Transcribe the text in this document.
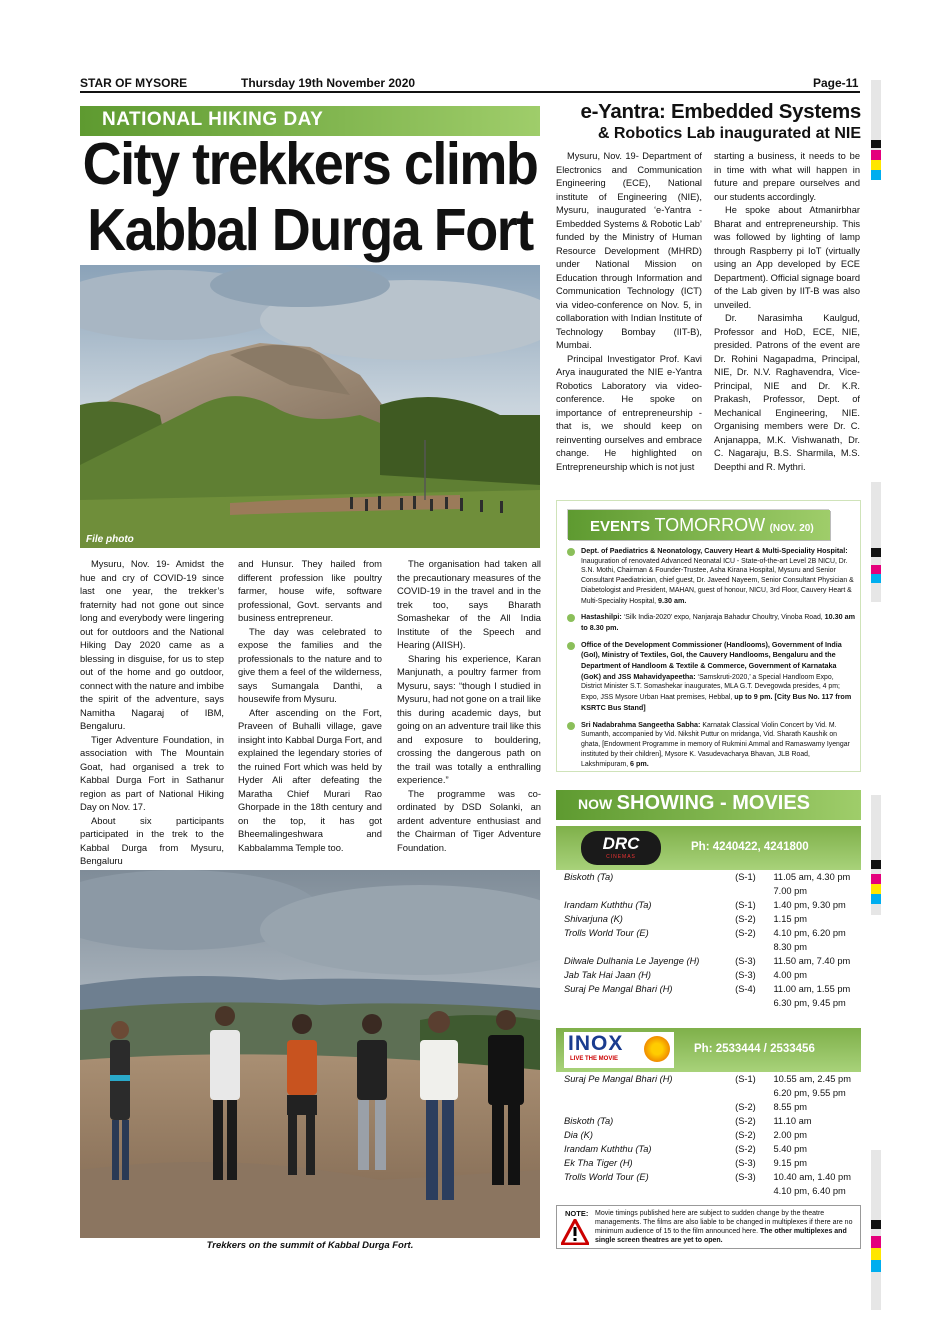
STAR OF MYSORE	Thursday 19th November 2020	Page-11
NATIONAL HIKING DAY
City trekkers climb
Kabbal Durga Fort
File photo

Mysuru, Nov. 19- Amidst the hue and cry of COVID-19 since last one year, the trekker’s fraternity had not gone out since long and everybody were lingering out for outdoors and the National Hiking Day 2020 came as a blessing in disguise, for us to step out of the home and go outdoor, connect with the nature and imbibe the spirit of the adventure, says Namitha Nagaraj of IBM, Bengaluru.

Tiger Adventure Foundation, in association with The Mountain Goat, had organised a trek to Kabbal Durga Fort in Sathanur region as part of National Hiking Day on Nov. 17.

About six participants participated in the trek to the Kabbal Durga from Mysuru, Bengaluru

and Hunsur. They hailed from different profession like poultry farmer, house wife, software professional, Govt. servants and business entrepreneur.

The day was celebrated to expose the families and the professionals to the nature and to give them a feel of the wilderness, says Sumangala Danthi, a housewife from Mysuru.

After ascending on the Fort, Praveen of Buhalli village, gave insight into Kabbal Durga Fort, and explained the legendary stories of the ruined Fort which was held by Hyder Ali after defeating the Maratha Chief Murari Rao Ghorpade in the 18th century and on the top, it has got Bheemalingeshwara and Kabbalamma Temple too.

The organisation had taken all the precautionary measures of the COVID-19 in the travel and in the trek too, says Bharath Somashekar of the All India Institute of the Speech and Hearing (AIISH).

Sharing his experience, Karan Manjunath, a poultry farmer from Mysuru, says: “though I studied in Mysuru, had not gone on a trail like this during academic days, but going on an adventure trail like this and exposure to bouldering, crossing the dangerous path on the trail was totally a enthralling experience.”

The programme was co-ordinated by DSD Solanki, an ardent adventure enthusiast and the Chairman of Tiger Adventure Foundation.

Trekkers on the summit of Kabbal Durga Fort.
e-Yantra: Embedded Systems
& Robotics Lab inaugurated at NIE

Mysuru, Nov. 19- Department of Electronics and Communication Engineering (ECE), National institute of Engineering (NIE), Mysuru, inaugurated ‘e-Yantra - Embedded Systems & Robotic Lab’ funded by the Ministry of Human Resource Development (MHRD) under National Mission on Education through Information and Communication Technology (ICT) via video-conference on Nov. 5, in collaboration with Indian Institute of Technology Bombay (IIT-B), Mumbai.

Principal Investigator Prof. Kavi Arya inaugurated the NIE e-Yantra Robotics Laboratory via video-conference. He spoke on importance of entrepreneurship - that is, we should keep on reinventing ourselves and embrace change. He highlighted on Entrepreneurship which is not just

starting a business, it needs to be in time with what will happen in future and prepare ourselves and our students accordingly.

He spoke about Atmanirbhar Bharat and entrepreneurship. This was followed by lighting of lamp through Raspberry pi IoT (virtually using an App developed by ECE Department). Official signage board of the Lab given by IIT-B was also unveiled.

Dr. Narasimha Kaulgud, Professor and HoD, ECE, NIE, presided. Patrons of the event are Dr. Rohini Nagapadma, Principal, NIE, Dr. N.V. Raghavendra, Vice-Principal, NIE and Dr. K.R. Prakash, Professor, Dept. of Mechanical Engineering, NIE. Organising members were Dr. C. Anjanappa, M.K. Vishwanath, Dr. C. Nagaraju, B.S. Sharmila, M.S. Deepthi and R. Mythri.

EVENTS TOMORROW (NOV. 20)

Dept. of Paediatrics & Neonatology, Cauvery Heart & Multi-Speciality Hospital: Inauguration of renovated Advanced Neonatal ICU - State-of-the-art Level 2B NICU, Dr. S.N. Mothi, Chairman & Founder-Trustee, Asha Kirana Hospital, Mysuru and Senior Consultant Paediatrician, chief guest, Dr. Javeed Nayeem, Senior Consultant Physician & Diabetologist and President, MAHAN, guest of honour, NICU, 3rd Floor, Cauvery Heart & Multi-Speciality Hospital, 9.30 am.

Hastashilpi: ‘Silk India-2020’ expo, Nanjaraja Bahadur Choultry, Vinoba Road, 10.30 am to 8.30 pm.

Office of the Development Commissioner (Handlooms), Government of India (GoI), Ministry of Textiles, GoI, the Cauvery Handlooms, Bengaluru and the Department of Handloom & Textile & Commerce, Government of Karnataka (GoK) and JSS Mahavidyapeetha: ‘Samskruti-2020,’ a Special Handloom Expo, District Minister S.T. Somashekar inaugurates, MLA G.T. Devegowda presides, 4 pm; Expo, JSS Mysore Urban Haat premises, Hebbal, up to 9 pm. [City Bus No. 117 from KSRTC Bus Stand]

Sri Nadabrahma Sangeetha Sabha: Karnatak Classical Violin Concert by Vid. M. Sumanth, accompanied by Vid. Nikshit Puttur on mridanga, Vid. Sharath Kaushik on ghata, [Endowment Programme in memory of Rukmini Ammal and Ramaswamy Iyengar instituted by their children], Mysore K. Vasudevacharya Bhavan, JLB Road, Lakshmipuram, 6 pm.

NOW SHOWING - MOVIES
DRC
CINEMAS
Ph: 4240422, 4241800
Biskoth (Ta)	(S-1)	11.05 am, 4.30 pm
		7.00 pm
Irandam Kuththu (Ta)	(S-1)	1.40 pm, 9.30 pm
Shivarjuna (K)	(S-2)	1.15 pm
Trolls World Tour (E)	(S-2)	4.10 pm, 6.20 pm
		8.30 pm
Dilwale Dulhania Le Jayenge (H)	(S-3)	11.50 am, 7.40 pm
Jab Tak Hai Jaan (H)	(S-3)	4.00 pm
Suraj Pe Mangal Bhari (H)	(S-4)	11.00 am, 1.55 pm
		6.30 pm, 9.45 pm
INOX
LIVE THE MOVIE
Ph: 2533444 / 2533456
Suraj Pe Mangal Bhari (H)	(S-1)	10.55 am, 2.45 pm
		6.20 pm, 9.55 pm
	(S-2)	8.55 pm
Biskoth (Ta)	(S-2)	11.10 am
Dia (K)	(S-2)	2.00 pm
Irandam Kuththu (Ta)	(S-2)	5.40 pm
Ek Tha Tiger (H)	(S-3)	9.15 pm
Trolls World Tour (E)	(S-3)	10.40 am, 1.40 pm
		4.10 pm, 6.40 pm
NOTE: Movie timings published here are subject to sudden change by the theatre managements. The films are also liable to be changed in multiplexes if there are no minimum audience of 15 to the film announced here. The other multiplexes and single screen theatres are yet to open.
